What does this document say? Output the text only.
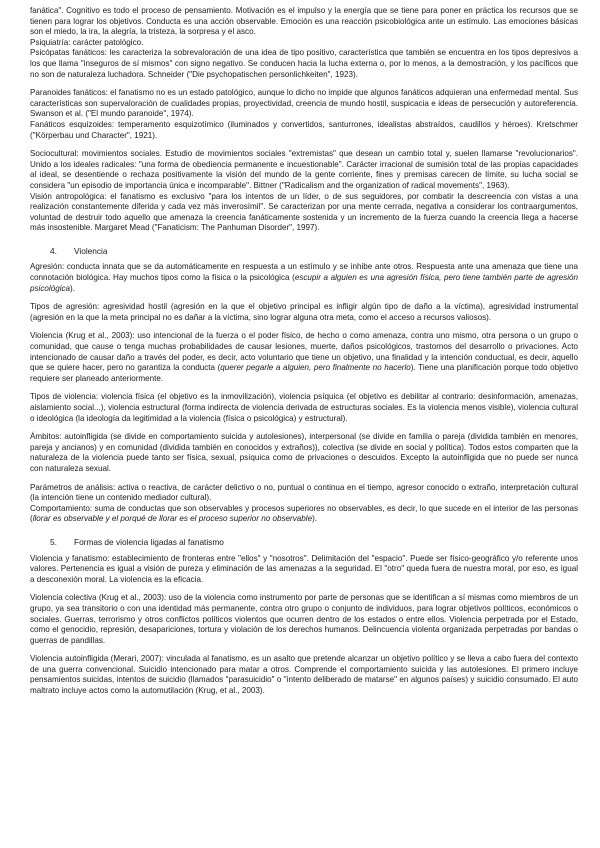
fanática". Cognitivo es todo el proceso de pensamiento. Motivación es el impulso y la energía que se tiene para poner en práctica los recursos que se tienen para lograr los objetivos. Conducta es una acción observable. Emoción es una reacción psicobiológica ante un estímulo. Las emociones básicas son el miedo, la ira, la alegría, la tristeza, la sorpresa y el asco.

Psiquiatría: carácter patológico.

Psicópatas fanáticos: les caracteriza la sobrevaloración de una idea de tipo positivo, característica que también se encuentra en los tipos depresivos a los que llama "inseguros de sí mismos" con signo negativo. Se conducen hacia la lucha externa o, por lo menos, a la demostración, y los pacíficos que no son de naturaleza luchadora. Schneider ("Die psychopatischen personlichkeiten", 1923).

Paranoides fanáticos: el fanatismo no es un estado patológico, aunque lo dicho no impide que algunos fanáticos adquieran una enfermedad mental. Sus características son supervaloración de cualidades propias, proyectividad, creencia de mundo hostil, suspicacia e ideas de persecución y autoreferencia. Swanson et al. ("El mundo paranoide", 1974).

Fanáticos esquizoides: temperamento esquizotímico (iluminados y convertidos, santurrones, idealistas abstraídos, caudillos y héroes). Kretschmer ("Körperbau und Character", 1921).

Sociocultural: movimientos sociales. Estudio de movimientos sociales "extremistas" que desean un cambio total y, suelen llamarse "revolucionarios". Unido a los ideales radicales: "una forma de obediencia permanente e incuestionable". Carácter irracional de sumisión total de las propias capacidades al ideal, se desentiende o rechaza positivamente la visión del mundo de la gente corriente, fines y premisas carecen de límite, su lucha social se considera "un episodio de importancia única e incomparable". Bittner ("Radicalism and the organization of radical movements", 1963).

Visión antropológica: el fanatismo es exclusivo "para los intentos de un líder, o de sus seguidores, por combatir la descreencia con vistas a una realización constantemente diferida y cada vez más inverosímil". Se caracterizan por una mente cerrada, negativa a considerar los contraargumentos, voluntad de destruir todo aquello que amenaza la creencia fanáticamente sostenida y un incremento de la fuerza cuando la creencia llega a hacerse más insostenible. Margaret Mead ("Fanaticism: The Panhuman Disorder", 1997).

4.	Violencia

Agresión: conducta innata que se da automáticamente en respuesta a un estímulo y se inhibe ante otros. Respuesta ante una amenaza que tiene una connotación biológica. Hay muchos tipos como la física o la psicológica (escupir a alguien es una agresión física, pero tiene también parte de agresión psicológica).

Tipos de agresión: agresividad hostil (agresión en la que el objetivo principal es infligir algún tipo de daño a la víctima), agresividad instrumental (agresión en la que la meta principal no es dañar a la víctima, sino lograr alguna otra meta, como el acceso a recursos valiosos).

Violencia (Krug et al., 2003): uso intencional de la fuerza o el poder físico, de hecho o como amenaza, contra uno mismo, otra persona o un grupo o comunidad, que cause o tenga muchas probabilidades de causar lesiones, muerte, daños psicológicos, trastornos del desarrollo o privaciones. Acto intencionado de causar daño a través del poder, es decir, acto voluntario que tiene un objetivo, una finalidad y la intención conductual, es decir, aquello que se quiere hacer, pero no garantiza la conducta (querer pegarle a alguien, pero finalmente no hacerlo). Tiene una planificación porque todo objetivo requiere ser planeado anteriormente.

Tipos de violencia: violencia física (el objetivo es la inmovilización), violencia psíquica (el objetivo es debilitar al contrario: desinformación, amenazas, aislamiento social...), violencia estructural (forma indirecta de violencia derivada de estructuras sociales. Es la violencia menos visible), violencia cultural o ideológica (la ideología da legitimidad a la violencia (física o psicológica) y estructural).

Ámbitos: autoinfligida (se divide en comportamiento suicida y autolesiones), interpersonal (se divide en familia o pareja (dividida también en menores, pareja y ancianos) y en comunidad (dividida también en conocidos y extraños)), colectiva (se divide en social y política). Todos estos comparten que la naturaleza de la violencia puede tanto ser física, sexual, psíquica como de privaciones o descuidos. Excepto la autoinfligida que no puede ser nunca con naturaleza sexual.

Parámetros de análisis: activa o reactiva, de carácter delictivo o no, puntual o continua en el tiempo, agresor conocido o extraño, interpretación cultural (la intención tiene un contenido mediador cultural).

Comportamiento: suma de conductas que son observables y procesos superiores no observables, es decir, lo que sucede en el interior de las personas (llorar es observable y el porqué de llorar es el proceso superior no observable).

5.	Formas de violencia ligadas al fanatismo

Violencia y fanatismo: establecimiento de fronteras entre "ellos" y "nosotros". Delimitación del "espacio". Puede ser físico-geográfico y/o referente unos valores. Pertenencia es igual a visión de pureza y eliminación de las amenazas a la seguridad. El "otro" queda fuera de nuestra moral, por eso, es igual a desconexión moral. La violencia es la eficacia.

Violencia colectiva (Krug et al., 2003): uso de la violencia como instrumento por parte de personas que se identifican a sí mismas como miembros de un grupo, ya sea transitorio o con una identidad más permanente, contra otro grupo o conjunto de individuos, para lograr objetivos políticos, económicos o sociales. Guerras, terrorismo y otros conflictos políticos violentos que ocurren dentro de los estados o entre ellos. Violencia perpetrada por el Estado, como el genocidio, represión, desapariciones, tortura y violación de los derechos humanos. Delincuencia violenta organizada perpetradas por bandas o guerras de pandillas.

Violencia autoinfligida (Merari, 2007): vinculada al fanatismo, es un asalto que pretende alcanzar un objetivo político y se lleva a cabo fuera del contexto de una guerra convencional. Suicidio intencionado para matar a otros. Comprende el comportamiento suicida y las autolesiones. El primero incluye pensamientos suicidas, intentos de suicidio (llamados "parasuicidio" o "intento deliberado de matarse" en algunos países) y suicidio consumado. El auto maltrato incluye actos como la automutilación (Krug, et al., 2003).
